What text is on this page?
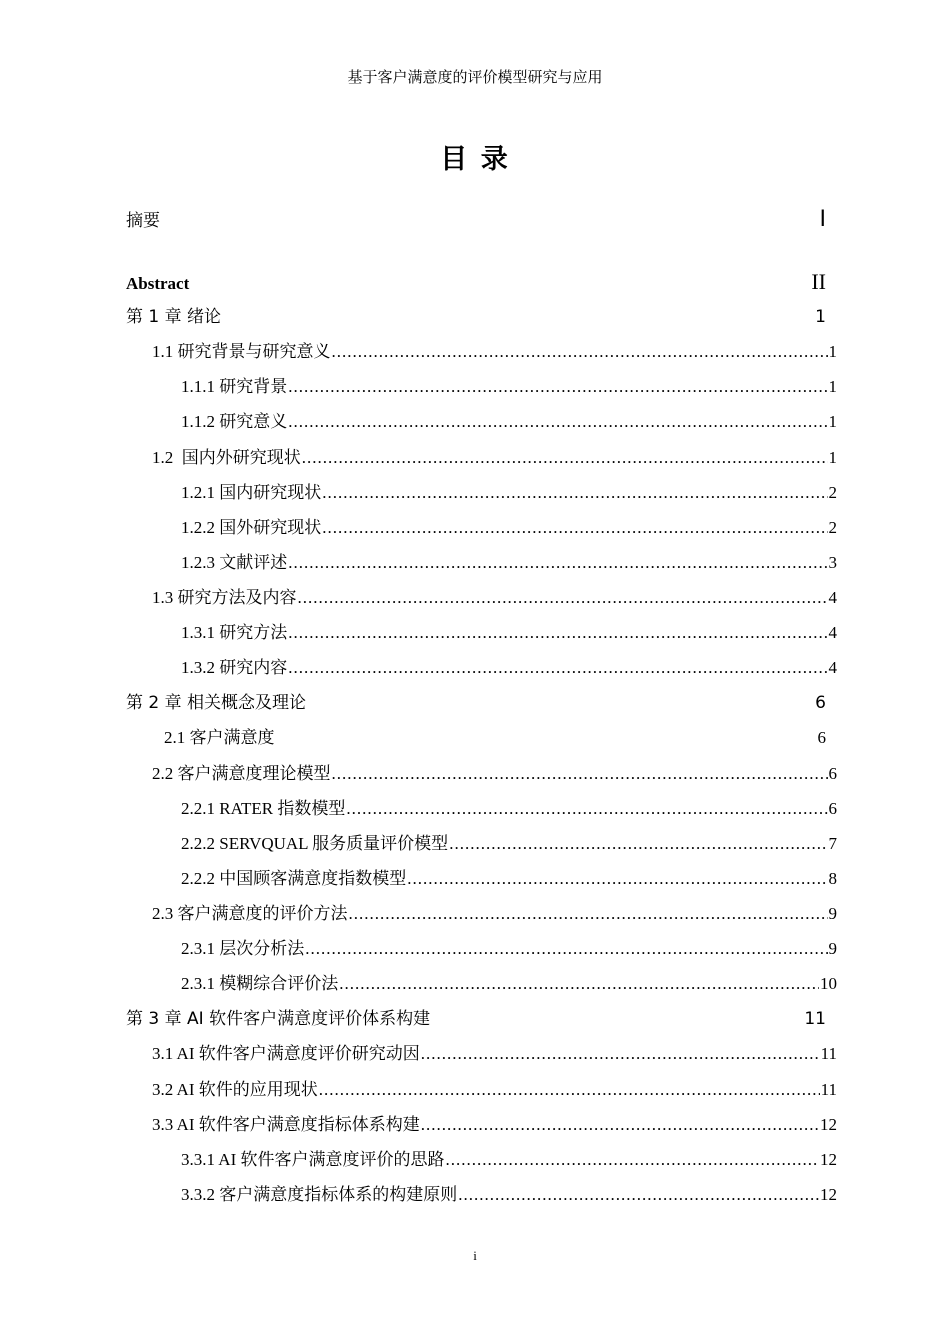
基于客户满意度的评价模型研究与应用
目 录
摘要	I
Abstract	II
第 1 章 绪论	1
1.1 研究背景与研究意义 .....	1
1.1.1 研究背景 .....	1
1.1.2 研究意义 .....	1
1.2  国内外研究现状 .....	1
1.2.1 国内研究现状 .....	2
1.2.2 国外研究现状 .....	2
1.2.3 文献评述 .....	3
1.3 研究方法及内容 .....	4
1.3.1 研究方法 .....	4
1.3.2 研究内容 .....	4
第 2 章 相关概念及理论	6
2.1 客户满意度	6
2.2 客户满意度理论模型 .....	6
2.2.1 RATER 指数模型 .....	6
2.2.2 SERVQUAL 服务质量评价模型 .....	7
2.2.2 中国顾客满意度指数模型 .....	8
2.3 客户满意度的评价方法 .....	9
2.3.1 层次分析法 .....	9
2.3.1 模糊综合评价法 .....	10
第 3 章 AI 软件客户满意度评价体系构建	11
3.1 AI 软件客户满意度评价研究动因 .....	11
3.2 AI 软件的应用现状 .....	11
3.3 AI 软件客户满意度指标体系构建 .....	12
3.3.1 AI 软件客户满意度评价的思路 .....	12
3.3.2 客户满意度指标体系的构建原则 .....	12
i
